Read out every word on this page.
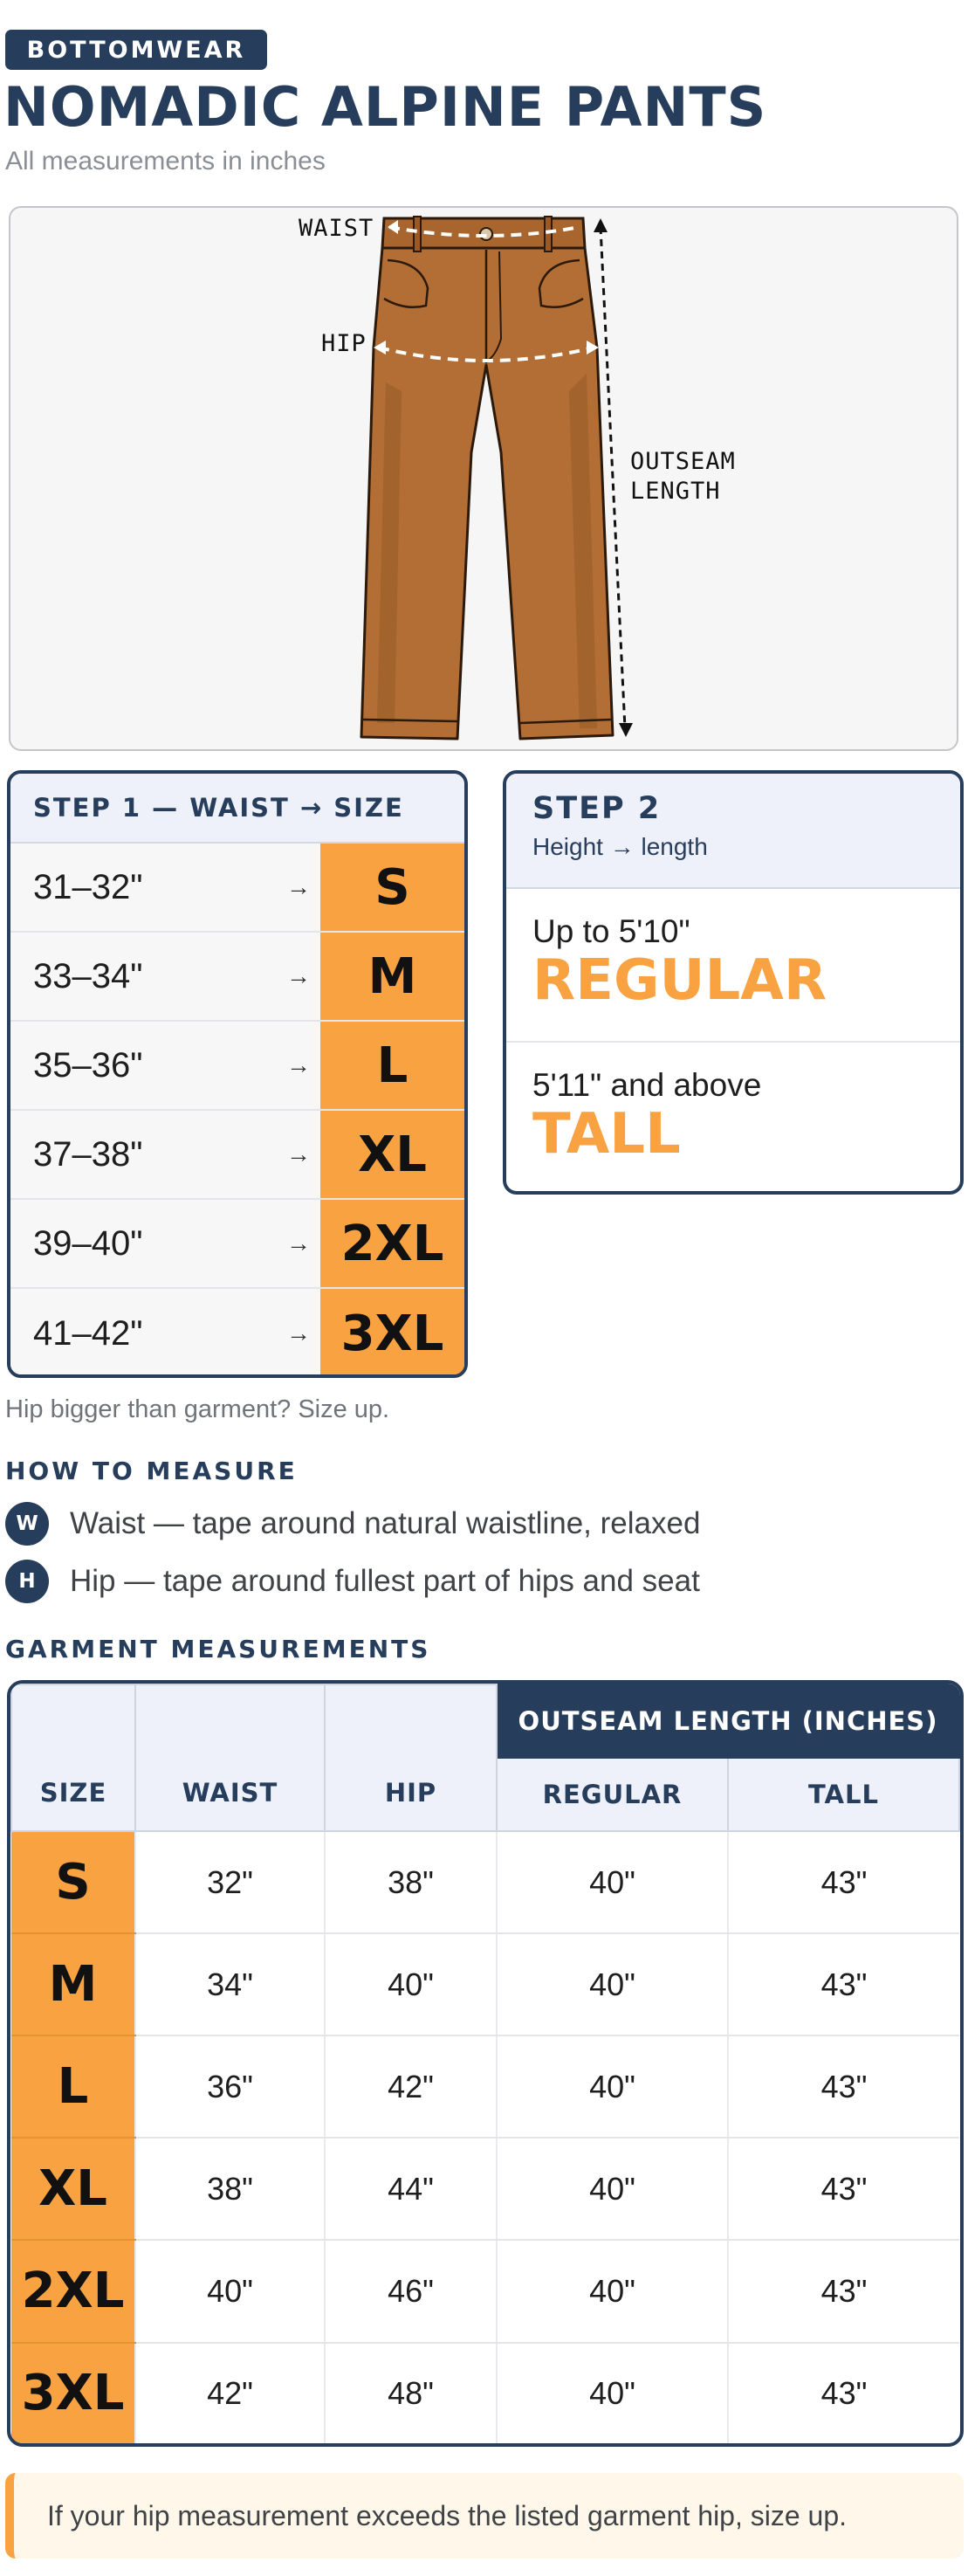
BOTTOMWEAR
NOMADIC ALPINE PANTS
All measurements in inches
WAIST
HIP
OUTSEAM
LENGTH
STEP 1 — WAIST → SIZE
31–32"	→	S
33–34"	→	M
35–36"	→	L
37–38"	→ XL
39–40"	→ 2XL
41–42"	→ 3XL
STEP 2
Height → length
Up to 5'10"
REGULAR
5'11" and above
TALL
Hip bigger than garment? Size up.
HOW TO MEASURE
W	Waist — tape around natural waistline, relaxed
H	Hip — tape around fullest part of hips and seat
GARMENT MEASUREMENTS
SIZE	WAIST	HIP	OUTSEAM LENGTH (INCHES)	
			REGULAR	TALL
S	32"	38"	40"	43"
M	34"	40"	40"	43"
L	36"	42"	40"	43"
XL	38"	44"	40"	43"
2XL	40"	46"	40"	43"
3XL	42"	48"	40"	43"
If your hip measurement exceeds the listed garment hip, size up.
